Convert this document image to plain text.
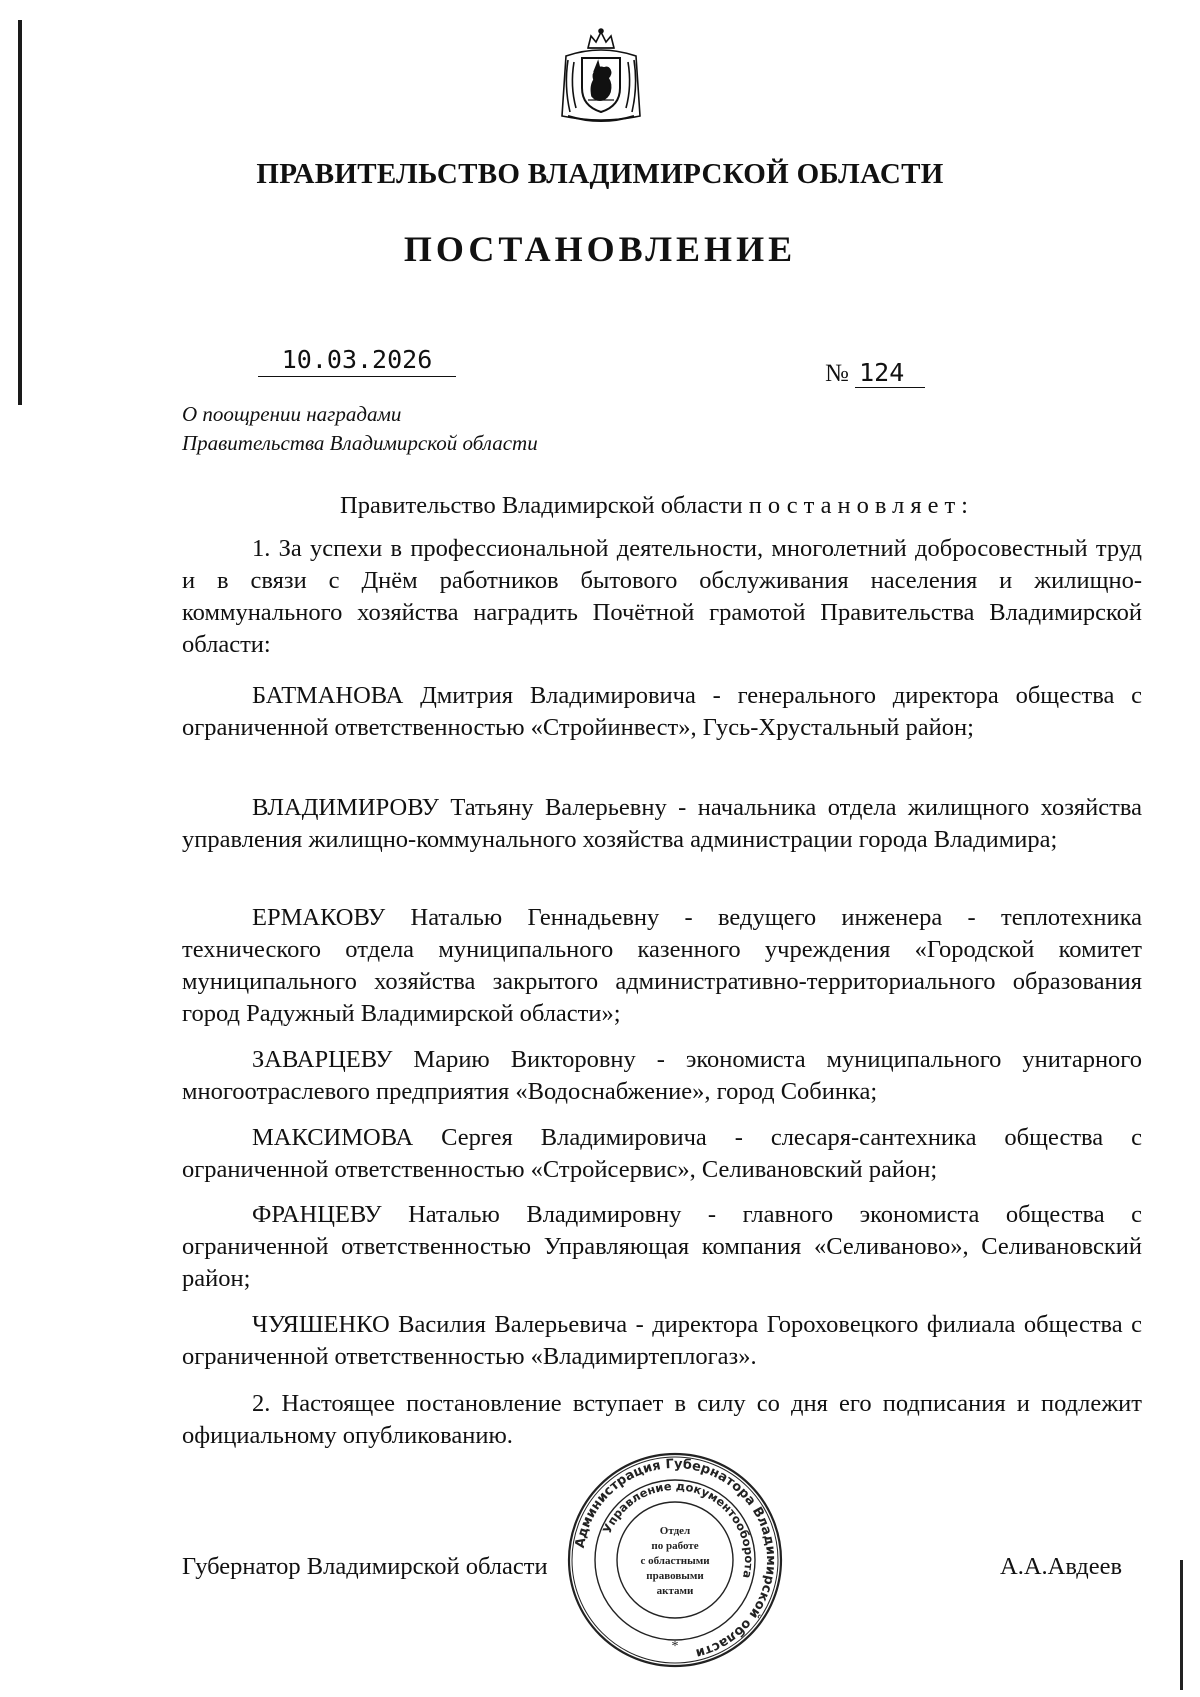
ПРАВИТЕЛЬСТВО ВЛАДИМИРСКОЙ ОБЛАСТИ
ПОСТАНОВЛЕНИЕ
10.03.2026	№ 124
О поощрении наградами
Правительства Владимирской области
Правительство Владимирской области постановляет:

1. За успехи в профессиональной деятельности, многолетний добросовестный труд и в связи с Днём работников бытового обслуживания населения и жилищно-коммунального хозяйства наградить Почётной грамотой Правительства Владимирской области:

БАТМАНОВА Дмитрия Владимировича - генерального директора общества с ограниченной ответственностью «Стройинвест», Гусь-Хрустальный район;

ВЛАДИМИРОВУ Татьяну Валерьевну - начальника отдела жилищного хозяйства управления жилищно-коммунального хозяйства администрации города Владимира;

ЕРМАКОВУ Наталью Геннадьевну - ведущего инженера - теплотехника технического отдела муниципального казенного учреждения «Городской комитет муниципального хозяйства закрытого административно-территориального образования город Радужный Владимирской области»;

ЗАВАРЦЕВУ Марию Викторовну - экономиста муниципального унитарного многоотраслевого предприятия «Водоснабжение», город Собинка;

МАКСИМОВА Сергея Владимировича - слесаря-сантехника общества с ограниченной ответственностью «Стройсервис», Селивановский район;

ФРАНЦЕВУ Наталью Владимировну - главного экономиста общества с ограниченной ответственностью Управляющая компания «Селиваново», Селивановский район;

ЧУЯШЕНКО Василия Валерьевича - директора Гороховецкого филиала общества с ограниченной ответственностью «Владимиртеплогаз».

2. Настоящее постановление вступает в силу со дня его подписания и подлежит официальному опубликованию.

Губернатор Владимирской области	А.А.Авдеев
Администрация Губернатора Владимирской области
Управление документооборота
Отдел
по работе
с областными
правовыми
актами
*
